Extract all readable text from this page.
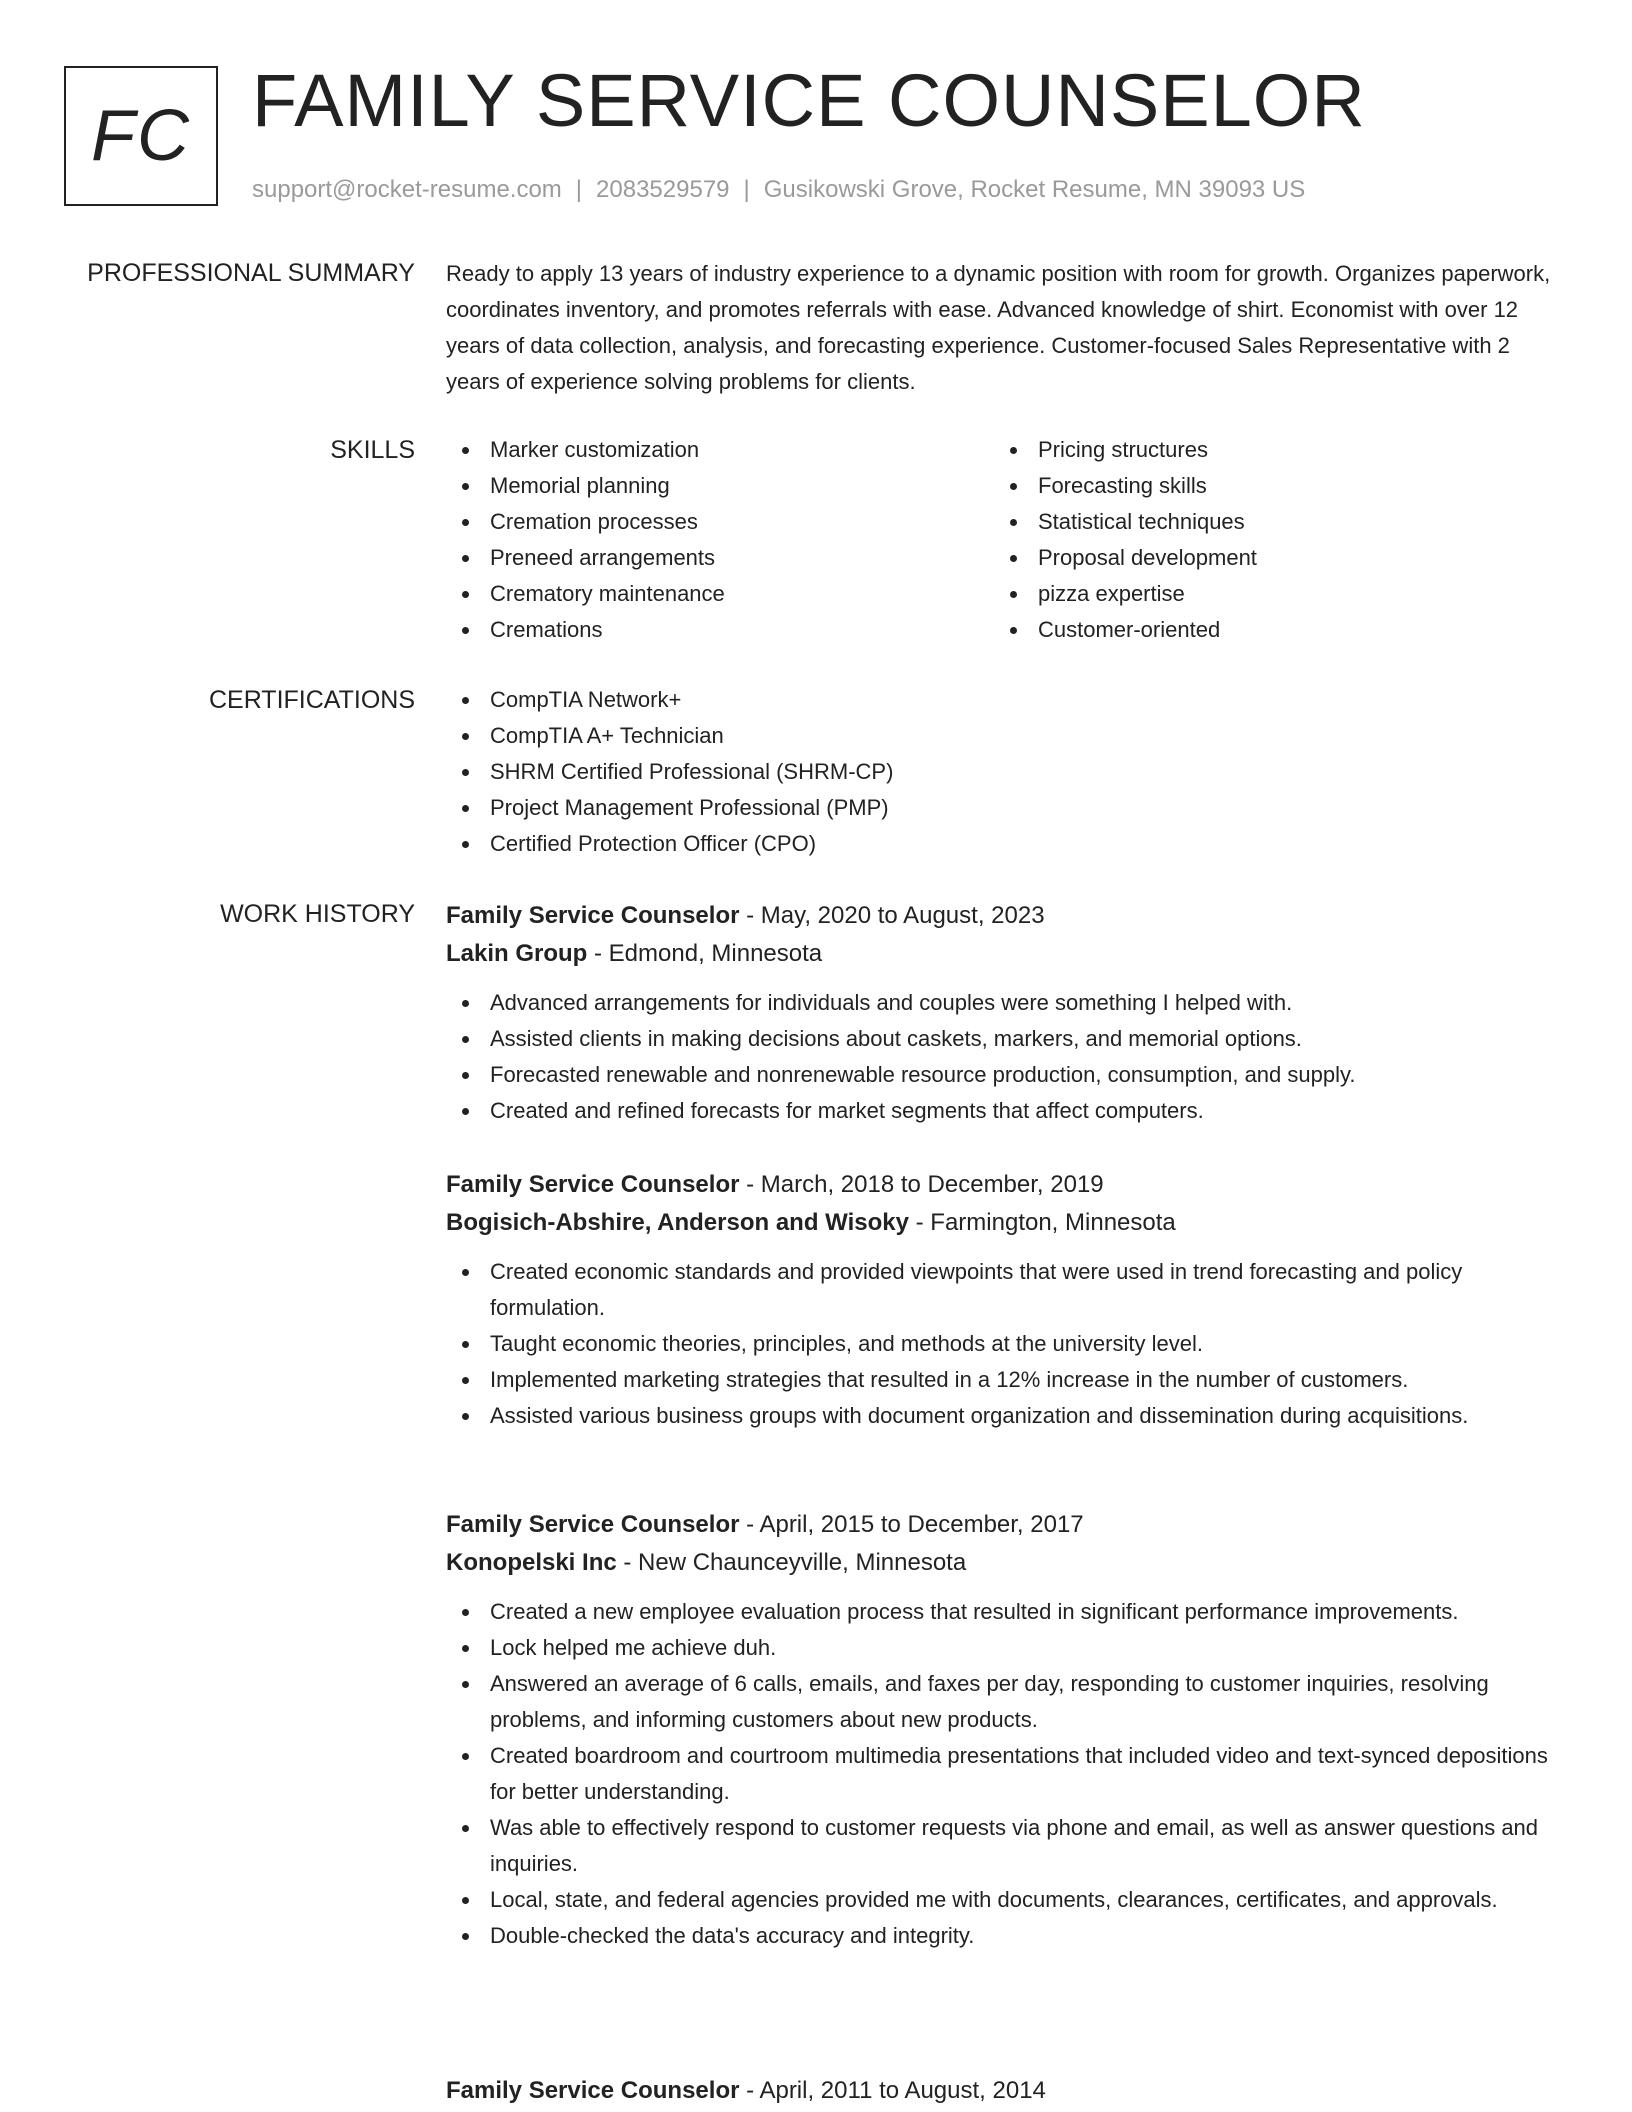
FC FAMILY SERVICE COUNSELOR
support@rocket-resume.com | 2083529579 | Gusikowski Grove, Rocket Resume, MN 39093 US
PROFESSIONAL SUMMARY Ready to apply 13 years of industry experience to a dynamic position with room for growth. Organizes paperwork, coordinates inventory, and promotes referrals with ease. Advanced knowledge of shirt. Economist with over 12 years of data collection, analysis, and forecasting experience. Customer-focused Sales Representative with 2 years of experience solving problems for clients.

SKILLS	Marker customization
Memorial planning
Cremation processes
Preneed arrangements
Crematory maintenance
Cremations
Pricing structures
Forecasting skills
Statistical techniques
Proposal development
pizza expertise
Customer-oriented
CERTIFICATIONS	CompTIA Network+
CompTIA A+ Technician
SHRM Certified Professional (SHRM-CP)
Project Management Professional (PMP)
Certified Protection Officer (CPO)
WORK HISTORY Family Service Counselor - May, 2020 to August, 2023
Lakin Group - Edmond, Minnesota
Advanced arrangements for individuals and couples were something I helped with.
Assisted clients in making decisions about caskets, markers, and memorial options.
Forecasted renewable and nonrenewable resource production, consumption, and supply.
Created and refined forecasts for market segments that affect computers.
Family Service Counselor - March, 2018 to December, 2019
Bogisich-Abshire, Anderson and Wisoky - Farmington, Minnesota
Created economic standards and provided viewpoints that were used in trend forecasting and policy formulation.
Taught economic theories, principles, and methods at the university level.
Implemented marketing strategies that resulted in a 12% increase in the number of customers.
Assisted various business groups with document organization and dissemination during acquisitions.
Family Service Counselor - April, 2015 to December, 2017
Konopelski Inc - New Chaunceyville, Minnesota
Created a new employee evaluation process that resulted in significant performance improvements.
Lock helped me achieve duh.
Answered an average of 6 calls, emails, and faxes per day, responding to customer inquiries, resolving problems, and informing customers about new products.
Created boardroom and courtroom multimedia presentations that included video and text-synced depositions for better understanding.
Was able to effectively respond to customer requests via phone and email, as well as answer questions and inquiries.
Local, state, and federal agencies provided me with documents, clearances, certificates, and approvals.
Double-checked the data's accuracy and integrity.
Family Service Counselor - April, 2011 to August, 2014
